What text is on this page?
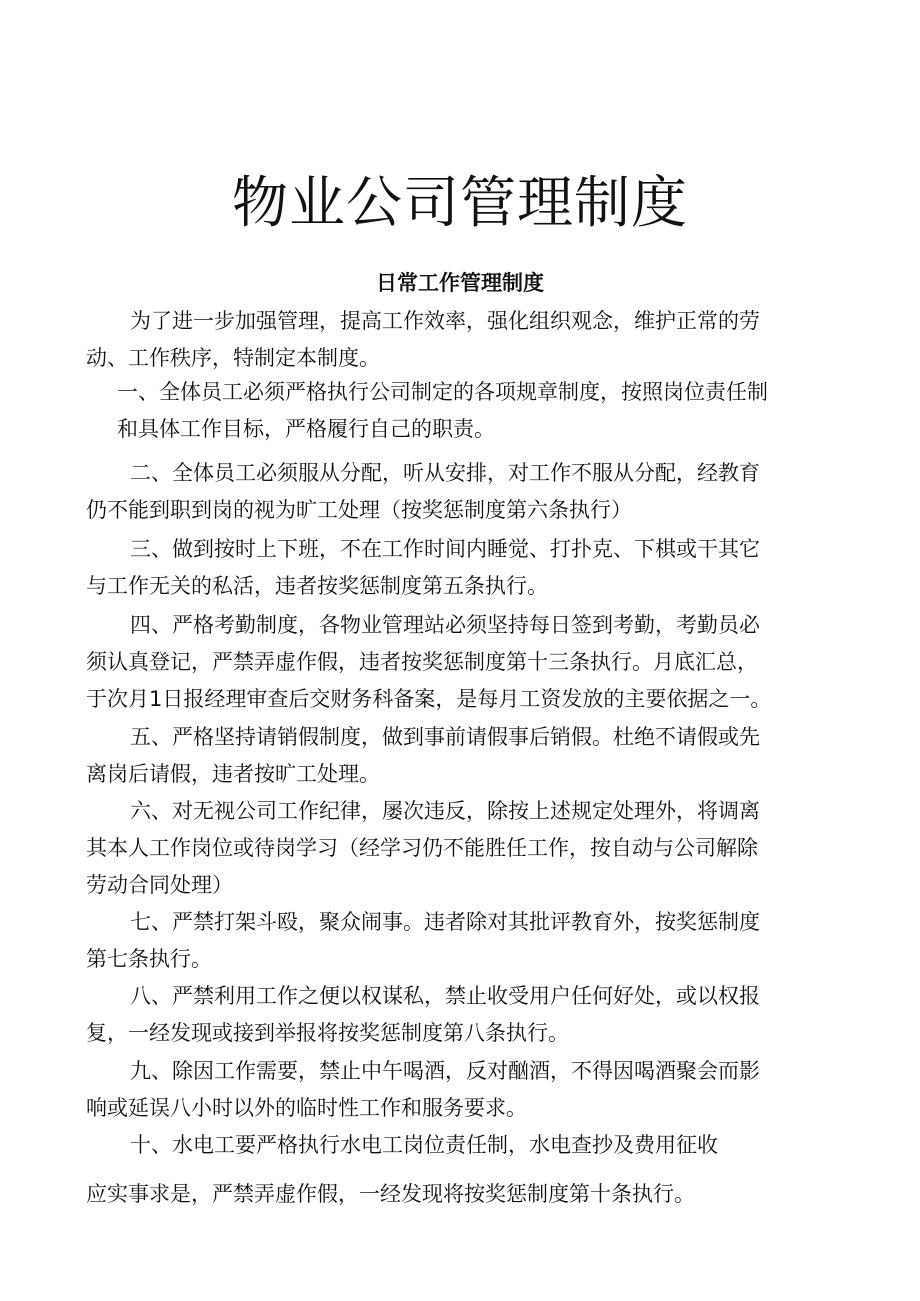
物业公司管理制度
日常工作管理制度
为了进一步加强管理，提高工作效率，强化组织观念，维护正常的劳
动、工作秩序，特制定本制度。
一、全体员工必须严格执行公司制定的各项规章制度，按照岗位责任制
和具体工作目标，严格履行自己的职责。
二、全体员工必须服从分配，听从安排，对工作不服从分配，经教育
仍不能到职到岗的视为旷工处理（按奖惩制度第六条执行）
三、做到按时上下班，不在工作时间内睡觉、打扑克、下棋或干其它
与工作无关的私活，违者按奖惩制度第五条执行。
四、严格考勤制度，各物业管理站必须坚持每日签到考勤，考勤员必
须认真登记，严禁弄虚作假，违者按奖惩制度第十三条执行。月底汇总，
于次月1日报经理审查后交财务科备案，是每月工资发放的主要依据之一。
五、严格坚持请销假制度，做到事前请假事后销假。杜绝不请假或先
离岗后请假，违者按旷工处理。
六、对无视公司工作纪律，屡次违反，除按上述规定处理外，将调离
其本人工作岗位或待岗学习（经学习仍不能胜任工作，按自动与公司解除
劳动合同处理）
七、严禁打架斗殴，聚众闹事。违者除对其批评教育外，按奖惩制度
第七条执行。
八、严禁利用工作之便以权谋私，禁止收受用户任何好处，或以权报
复，一经发现或接到举报将按奖惩制度第八条执行。
九、除因工作需要，禁止中午喝酒，反对酗酒，不得因喝酒聚会而影
响或延误八小时以外的临时性工作和服务要求。
十、水电工要严格执行水电工岗位责任制，水电查抄及费用征收
应实事求是，严禁弄虚作假，一经发现将按奖惩制度第十条执行。
